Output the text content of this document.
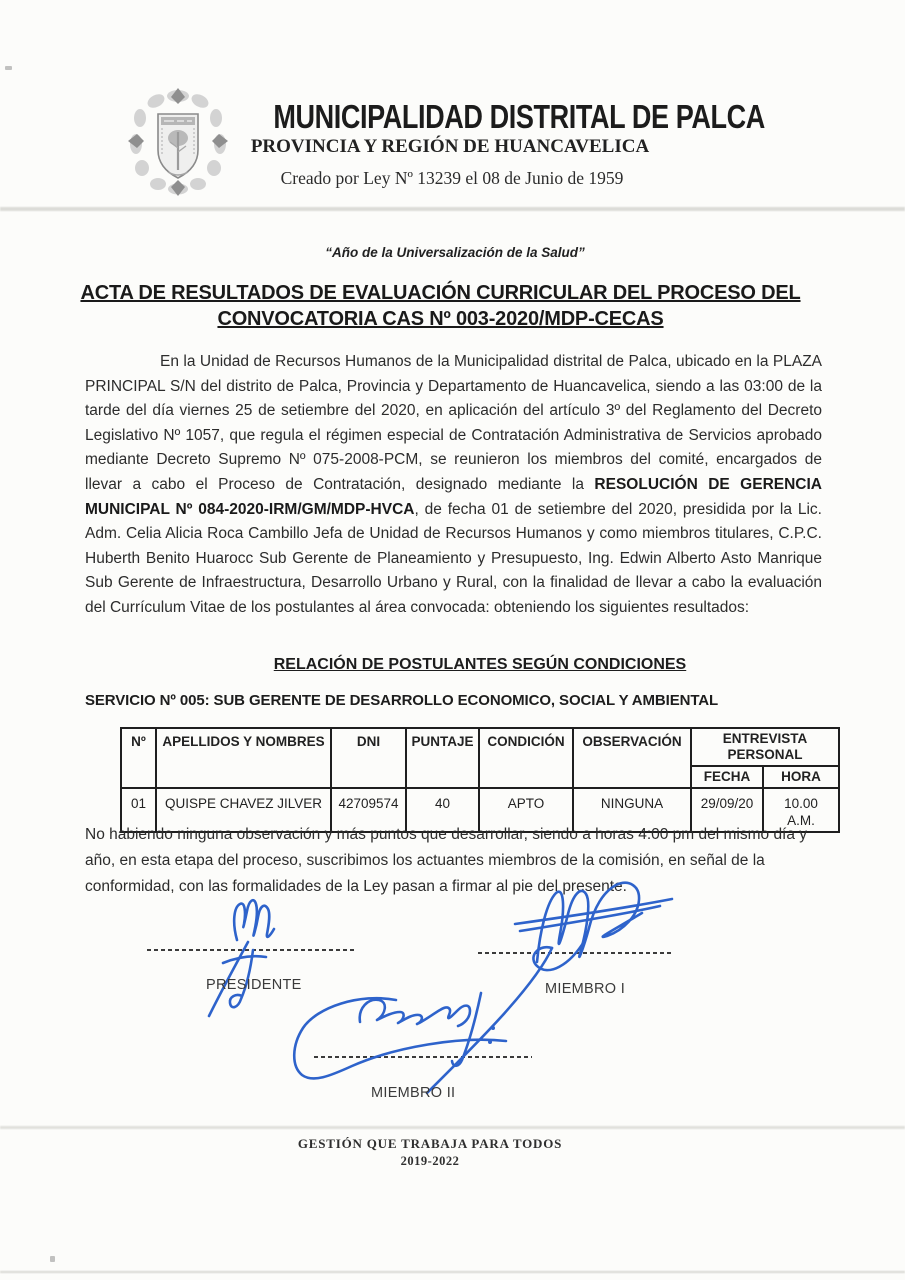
MUNICIPALIDAD DISTRITAL DE PALCA
PROVINCIA Y REGIÓN DE HUANCAVELICA
Creado por Ley Nº 13239 el 08 de Junio de 1959
“Año de la Universalización de la Salud”
ACTA DE RESULTADOS DE EVALUACIÓN CURRICULAR DEL PROCESO DEL
CONVOCATORIA CAS Nº 003-2020/MDP-CECAS
En la Unidad de Recursos Humanos de la Municipalidad distrital de Palca, ubicado en la PLAZA PRINCIPAL S/N del distrito de Palca, Provincia y Departamento de Huancavelica, siendo a las 03:00 de la tarde del día viernes 25 de setiembre del 2020, en aplicación del artículo 3º del Reglamento del Decreto Legislativo Nº 1057, que regula el régimen especial de Contratación Administrativa de Servicios aprobado mediante Decreto Supremo Nº 075-2008-PCM, se reunieron los miembros del comité, encargados de llevar a cabo el Proceso de Contratación, designado mediante la RESOLUCIÓN DE GERENCIA MUNICIPAL Nº 084-2020-IRM/GM/MDP-HVCA, de fecha 01 de setiembre del 2020, presidida por la Lic. Adm. Celia Alicia Roca Cambillo Jefa de Unidad de Recursos Humanos y como miembros titulares, C.P.C. Huberth Benito Huarocc Sub Gerente de Planeamiento y Presupuesto, Ing. Edwin Alberto Asto Manrique Sub Gerente de Infraestructura, Desarrollo Urbano y Rural, con la finalidad de llevar a cabo la evaluación del Currículum Vitae de los postulantes al área convocada: obteniendo los siguientes resultados:
RELACIÓN DE POSTULANTES SEGÚN CONDICIONES
SERVICIO Nº 005: SUB GERENTE DE DESARROLLO ECONOMICO, SOCIAL Y AMBIENTAL
Nº	APELLIDOS Y NOMBRES	DNI	PUNTAJE	CONDICIÓN	OBSERVACIÓN	ENTREVISTA PERSONAL	
						FECHA	HORA
01	QUISPE CHAVEZ JILVER	42709574	40	APTO	NINGUNA	29/09/20	10.00
A.M.
No habiendo ninguna observación y más puntos que desarrollar, siendo a horas 4:00 pm del mismo día y año, en esta etapa del proceso, suscribimos los actuantes miembros de la comisión, en señal de la conformidad, con las formalidades de la Ley pasan a firmar al pie del presente.
PRESIDENTE	MIEMBRO I
MIEMBRO II
GESTIÓN QUE TRABAJA PARA TODOS
2019-2022
